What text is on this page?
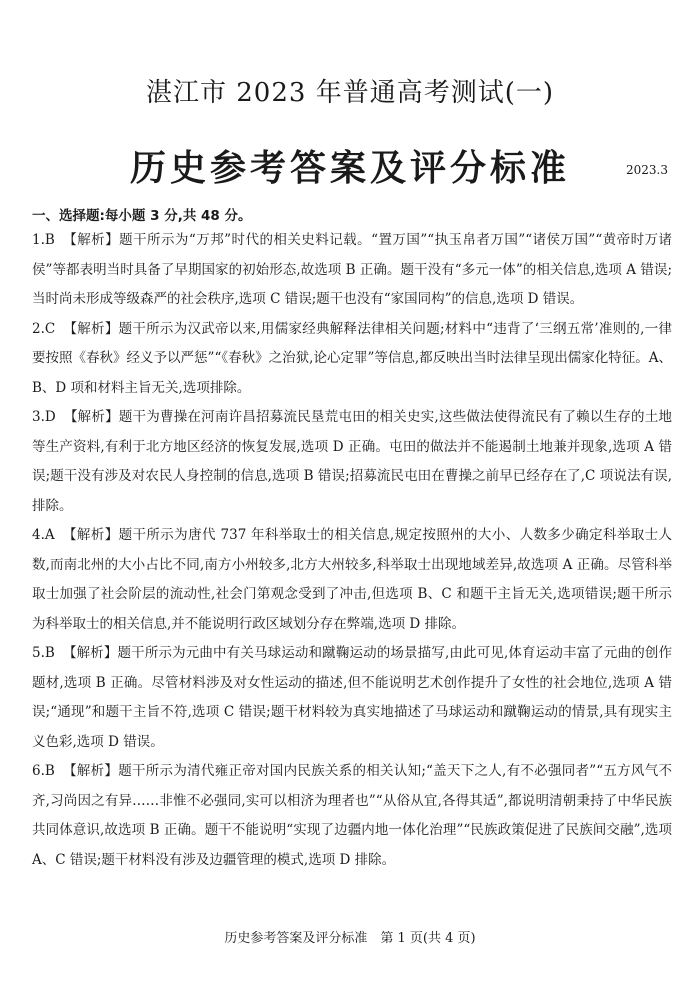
湛江市 2023 年普通高考测试(一)
历史参考答案及评分标准	2023.3
一、选择题:每小题 3 分,共 48 分。

1.B 【解析】题干所示为“万邦”时代的相关史料记载。“置万国”“执玉帛者万国”“诸侯万国”“黄帝时万诸侯”等都表明当时具备了早期国家的初始形态,故选项 B 正确。题干没有“多元一体”的相关信息,选项 A 错误;当时尚未形成等级森严的社会秩序,选项 C 错误;题干也没有“家国同构”的信息,选项 D 错误。

2.C 【解析】题干所示为汉武帝以来,用儒家经典解释法律相关问题;材料中“违背了‘三纲五常’准则的,一律要按照《春秋》经义予以严惩”“《春秋》之治狱,论心定罪”等信息,都反映出当时法律呈现出儒家化特征。A、B、D 项和材料主旨无关,选项排除。

3.D 【解析】题干为曹操在河南许昌招募流民垦荒屯田的相关史实,这些做法使得流民有了赖以生存的土地等生产资料,有利于北方地区经济的恢复发展,选项 D 正确。屯田的做法并不能遏制土地兼并现象,选项 A 错误;题干没有涉及对农民人身控制的信息,选项 B 错误;招募流民屯田在曹操之前早已经存在了,C 项说法有误,排除。

4.A 【解析】题干所示为唐代 737 年科举取士的相关信息,规定按照州的大小、人数多少确定科举取士人数,而南北州的大小占比不同,南方小州较多,北方大州较多,科举取士出现地域差异,故选项 A 正确。尽管科举取士加强了社会阶层的流动性,社会门第观念受到了冲击,但选项 B、C 和题干主旨无关,选项错误;题干所示为科举取士的相关信息,并不能说明行政区域划分存在弊端,选项 D 排除。

5.B 【解析】题干所示为元曲中有关马球运动和蹴鞠运动的场景描写,由此可见,体育运动丰富了元曲的创作题材,选项 B 正确。尽管材料涉及对女性运动的描述,但不能说明艺术创作提升了女性的社会地位,选项 A 错误;“通现”和题干主旨不符,选项 C 错误;题干材料较为真实地描述了马球运动和蹴鞠运动的情景,具有现实主义色彩,选项 D 错误。

6.B 【解析】题干所示为清代雍正帝对国内民族关系的相关认知;“盖天下之人,有不必强同者”“五方风气不齐,习尚因之有异……非惟不必强同,实可以相济为理者也”“从俗从宜,各得其适”,都说明清朝秉持了中华民族共同体意识,故选项 B 正确。题干不能说明“实现了边疆内地一体化治理”“民族政策促进了民族间交融”,选项 A、C 错误;题干材料没有涉及边疆管理的模式,选项 D 排除。

历史参考答案及评分标准　第 1 页(共 4 页)
